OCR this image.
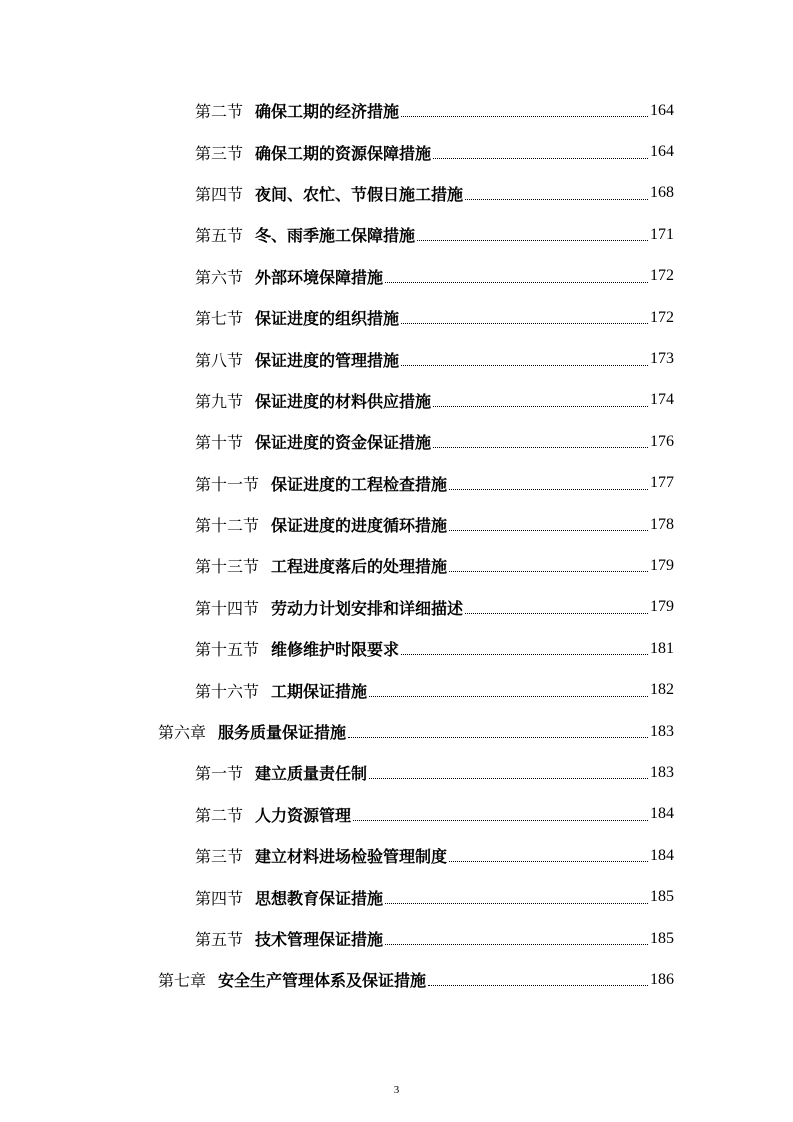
第二节 确保工期的经济措施	164
第三节 确保工期的资源保障措施	164
第四节 夜间、农忙、节假日施工措施	168
第五节 冬、雨季施工保障措施	171
第六节 外部环境保障措施	172
第七节 保证进度的组织措施	172
第八节 保证进度的管理措施	173
第九节 保证进度的材料供应措施	174
第十节 保证进度的资金保证措施	176
第十一节 保证进度的工程检查措施	177
第十二节 保证进度的进度循环措施	178
第十三节 工程进度落后的处理措施	179
第十四节 劳动力计划安排和详细描述	179
第十五节 维修维护时限要求	181
第十六节 工期保证措施	182
第六章 服务质量保证措施	183
第一节 建立质量责任制	183
第二节 人力资源管理	184
第三节 建立材料进场检验管理制度	184
第四节 思想教育保证措施	185
第五节 技术管理保证措施	185
第七章 安全生产管理体系及保证措施	186
3
